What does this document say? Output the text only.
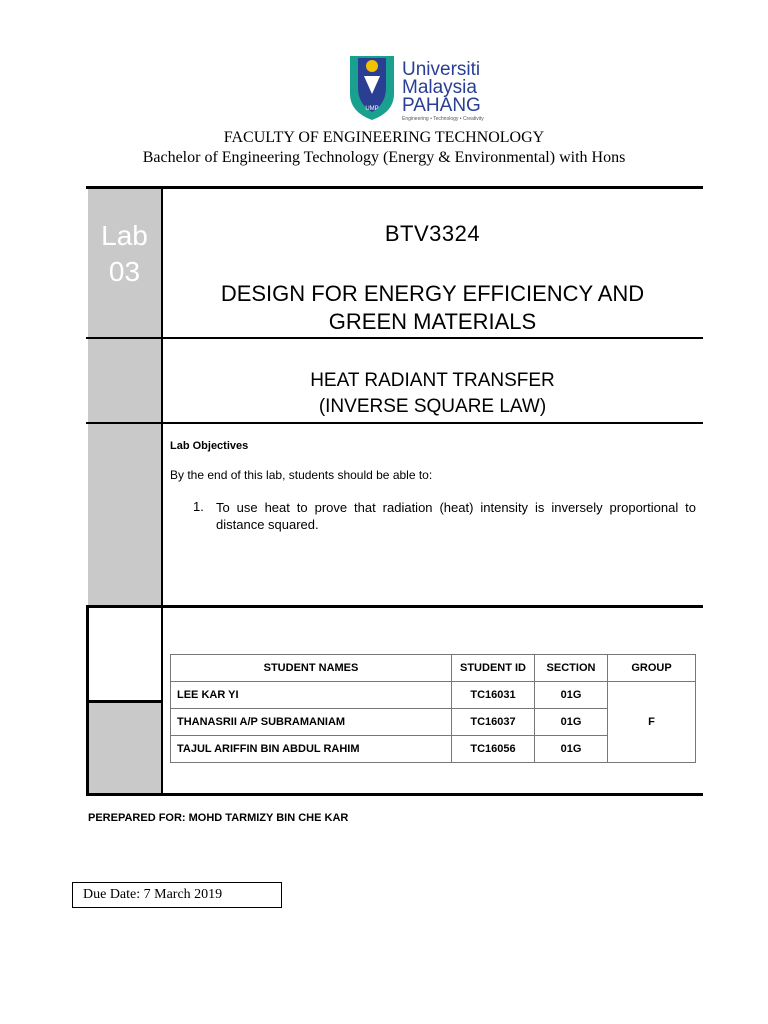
UMP
Universiti
Malaysia
PAHANG
Engineering • Technology • Creativity
FACULTY OF ENGINEERING TECHNOLOGY
Bachelor of Engineering Technology (Energy & Environmental) with Hons
Lab
03
BTV3324
DESIGN FOR ENERGY EFFICIENCY AND
GREEN MATERIALS
HEAT RADIANT TRANSFER
(INVERSE SQUARE LAW)
Lab Objectives
By the end of this lab, students should be able to:
1. To use heat to prove that radiation (heat) intensity is inversely proportional to distance squared.
STUDENT NAMES	STUDENT ID	SECTION	GROUP
LEE KAR YI	TC16031	01G	F
THANASRII A/P SUBRAMANIAM	TC16037	01G	
TAJUL ARIFFIN BIN ABDUL RAHIM	TC16056	01G	
PEREPARED FOR: MOHD TARMIZY BIN CHE KAR
Due Date: 7 March 2019
